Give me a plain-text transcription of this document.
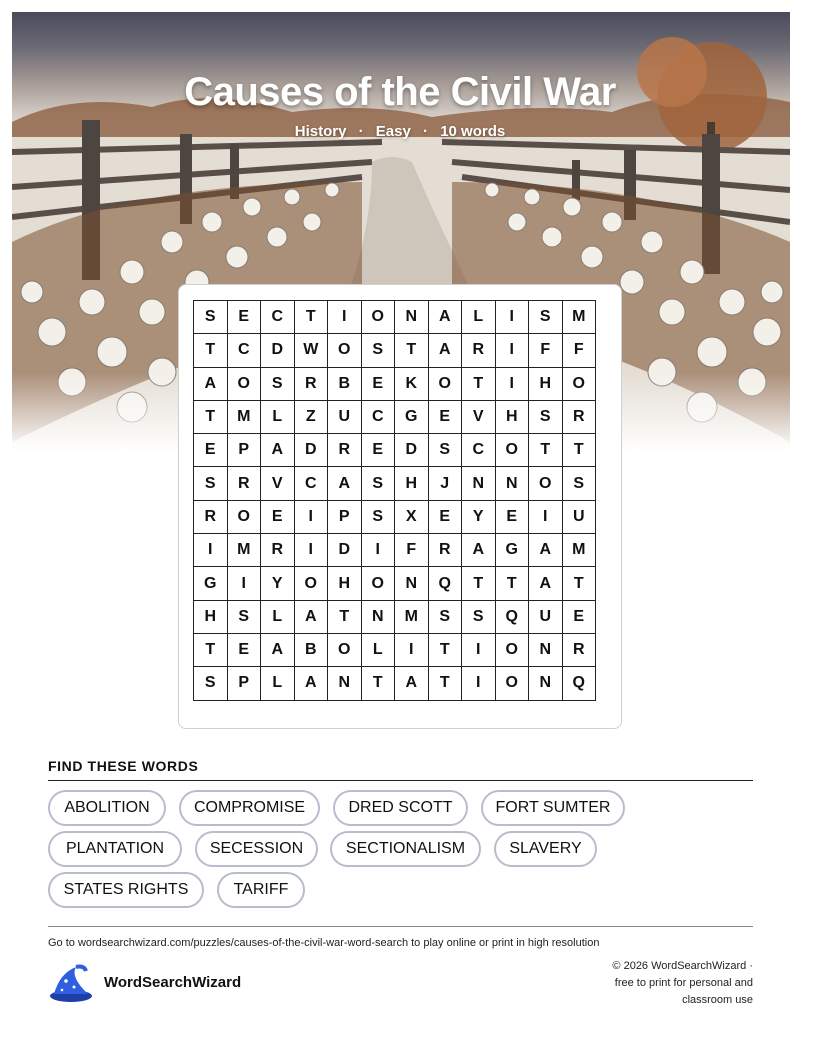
Causes of the Civil War
History · Easy · 10 words
S	E	C	T	I	O	N	A	L	I	S	M
T	C	D	W	O	S	T	A	R	I	F	F
A	O	S	R	B	E	K	O	T	I	H	O
T	M	L	Z	U	C	G	E	V	H	S	R
E	P	A	D	R	E	D	S	C	O	T	T
S	R	V	C	A	S	H	J	N	N	O	S
R	O	E	I	P	S	X	E	Y	E	I	U
I	M	R	I	D	I	F	R	A	G	A	M
G	I	Y	O	H	O	N	Q	T	T	A	T
H	S	L	A	T	N	M	S	S	Q	U	E
T	E	A	B	O	L	I	T	I	O	N	R
S	P	L	A	N	T	A	T	I	O	N	Q
FIND THESE WORDS
ABOLITION	COMPROMISE	DRED SCOTT	FORT SUMTER
PLANTATION	SECESSION	SECTIONALISM	SLAVERY
STATES RIGHTS	TARIFF
Go to wordsearchwizard.com/puzzles/causes-of-the-civil-war-word-search to play online or print in high resolution
WordSearchWizard
© 2026 WordSearchWizard ·
free to print for personal and
classroom use
